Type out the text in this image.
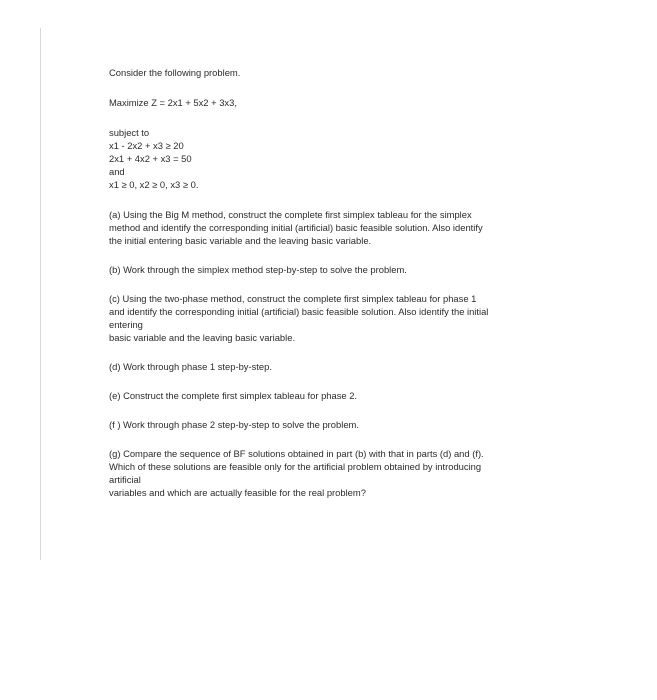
Consider the following problem.

Maximize Z = 2x1 + 5x2 + 3x3,

subject to
x1 - 2x2 + x3 ≥ 20
2x1 + 4x2 + x3 = 50
and
x1 ≥ 0, x2 ≥ 0, x3 ≥ 0.
(a) Using the Big M method, construct the complete first simplex tableau for the simplex
method and identify the corresponding initial (artificial) basic feasible solution. Also identify
the initial entering basic variable and the leaving basic variable.
(b) Work through the simplex method step-by-step to solve the problem.
(c) Using the two-phase method, construct the complete first simplex tableau for phase 1
and identify the corresponding initial (artificial) basic feasible solution. Also identify the initial
entering
basic variable and the leaving basic variable.
(d) Work through phase 1 step-by-step.
(e) Construct the complete first simplex tableau for phase 2.
(f ) Work through phase 2 step-by-step to solve the problem.
(g) Compare the sequence of BF solutions obtained in part (b) with that in parts (d) and (f).
Which of these solutions are feasible only for the artificial problem obtained by introducing
artificial
variables and which are actually feasible for the real problem?
